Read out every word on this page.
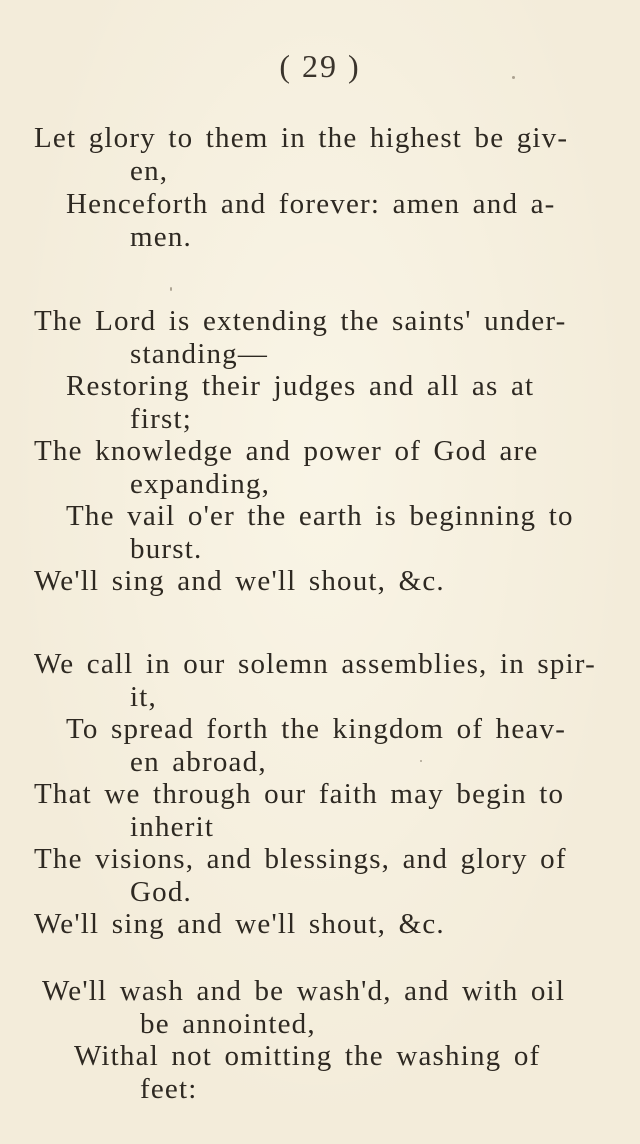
( 29 )
Let glory to them in the highest be giv-
en,
Henceforth and forever: amen and a-
men.
The Lord is extending the saints' under-
standing—
Restoring their judges and all as at
first;
The knowledge and power of God are
expanding,
The vail o'er the earth is beginning to
burst.
We'll sing and we'll shout, &c.
We call in our solemn assemblies, in spir-
it,
To spread forth the kingdom of heav-
en abroad,
That we through our faith may begin to
inherit
The visions, and blessings, and glory of
God.
We'll sing and we'll shout, &c.
We'll wash and be wash'd, and with oil
be annointed,
Withal not omitting the washing of
feet:
